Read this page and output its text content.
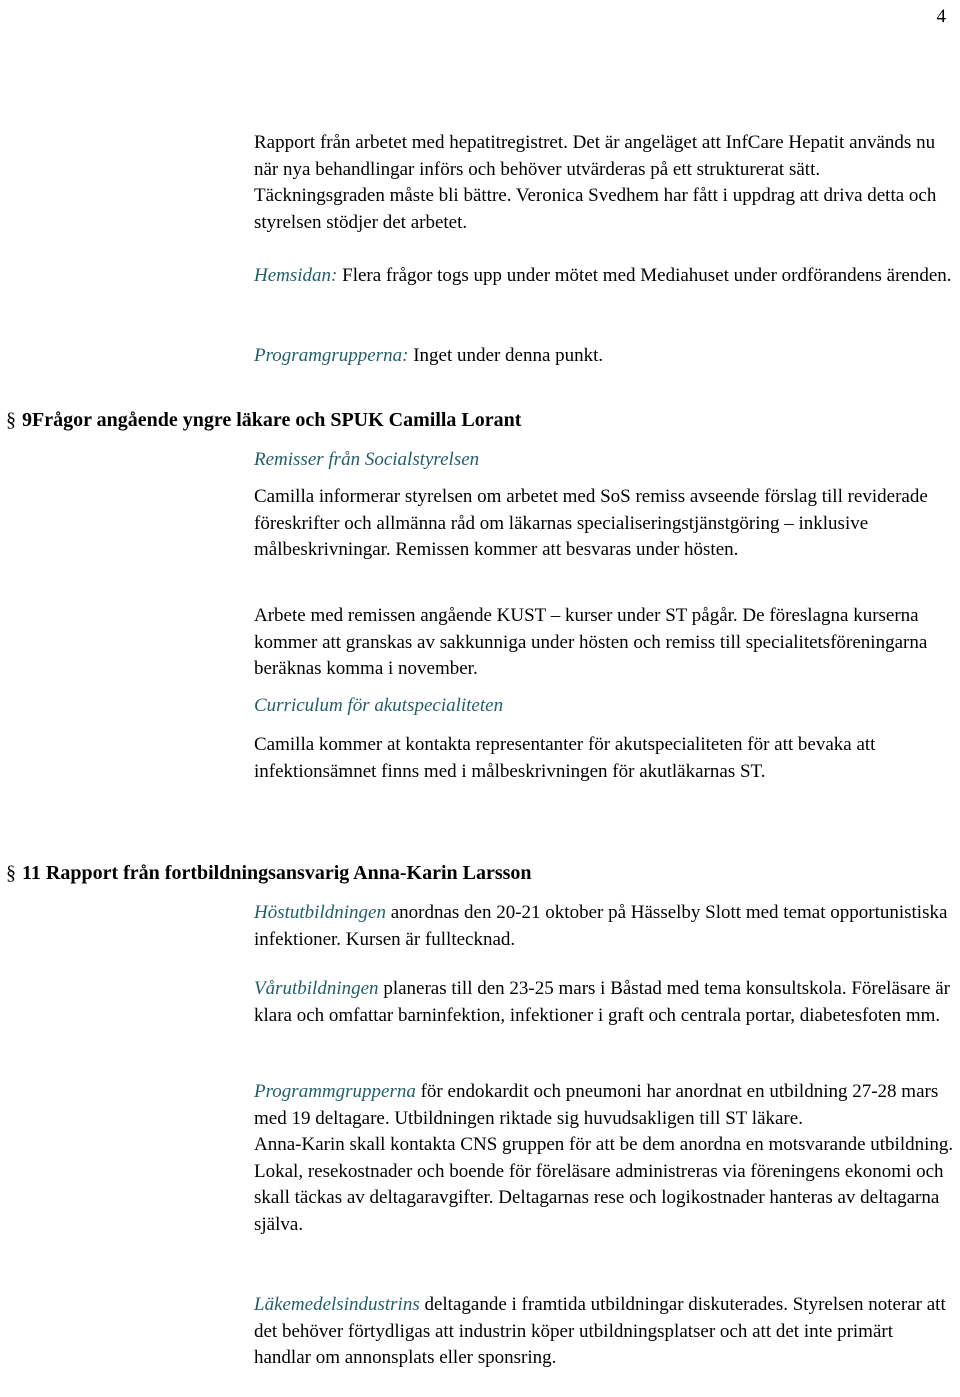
4

Rapport från arbetet med hepatitregistret. Det är angeläget att InfCare Hepatit används nu när nya behandlingar införs och behöver utvärderas på ett strukturerat sätt. Täckningsgraden måste bli bättre. Veronica Svedhem har fått i uppdrag att driva detta och styrelsen stödjer det arbetet.

Hemsidan: Flera frågor togs upp under mötet med Mediahuset under ordförandens ärenden.

Programgrupperna: Inget under denna punkt.

§ 9Frågor angående yngre läkare och SPUK Camilla Lorant

Remisser från Socialstyrelsen

Camilla informerar styrelsen om arbetet med SoS remiss avseende förslag till reviderade föreskrifter och allmänna råd om läkarnas specialiseringstjänstgöring – inklusive målbeskrivningar. Remissen kommer att besvaras under hösten.

Arbete med remissen angående KUST – kurser under ST pågår. De föreslagna kurserna kommer att granskas av sakkunniga under hösten och remiss till specialitetsföreningarna beräknas komma i november.

Curriculum för akutspecialiteten

Camilla kommer at kontakta representanter för akutspecialiteten för att bevaka att infektionsämnet finns med i målbeskrivningen för akutläkarnas ST.

§ 11 Rapport från fortbildningsansvarig Anna-Karin Larsson

Höstutbildningen anordnas den 20-21 oktober på Hässelby Slott med temat opportunistiska infektioner. Kursen är fulltecknad.

Vårutbildningen planeras till den 23-25 mars i Båstad med tema konsultskola. Föreläsare är klara och omfattar barninfektion, infektioner i graft och centrala portar, diabetesfoten mm.

Programmgrupperna för endokardit och pneumoni har anordnat en utbildning 27-28 mars med 19 deltagare. Utbildningen riktade sig huvudsakligen till ST läkare.

Anna-Karin skall kontakta CNS gruppen för att be dem anordna en motsvarande utbildning. Lokal, resekostnader och boende för föreläsare administreras via föreningens ekonomi och skall täckas av deltagaravgifter. Deltagarnas rese och logikostnader hanteras av deltagarna själva.

Läkemedelsindustrins deltagande i framtida utbildningar diskuterades. Styrelsen noterar att det behöver förtydligas att industrin köper utbildningsplatser och att det inte primärt handlar om annonsplats eller sponsring.
